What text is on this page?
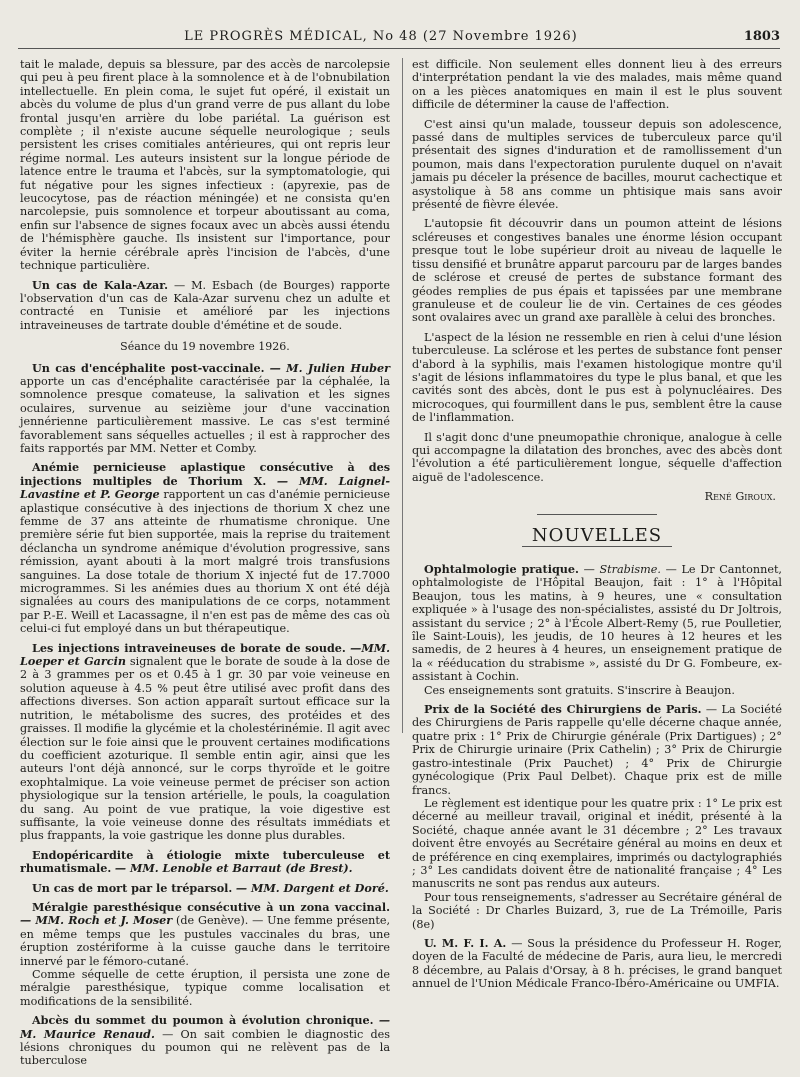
LE PROGRÈS MÉDICAL, No 48 (27 Novembre 1926)	1803

tait le malade, depuis sa blessure, par des accès de narcolepsie qui peu à peu firent place à la somnolence et à de l'obnubilation intellectuelle. En plein coma, le sujet fut opéré, il existait un abcès du volume de plus d'un grand verre de pus allant du lobe frontal jusqu'en arrière du lobe pariétal. La guérison est complète ; il n'existe aucune séquelle neurologique ; seuls persistent les crises comitiales antérieures, qui ont repris leur régime normal. Les auteurs insistent sur la longue période de latence entre le trauma et l'abcès, sur la symptomatologie, qui fut négative pour les signes infectieux : (apyrexie, pas de leucocytose, pas de réaction méningée) et ne consista qu'en narcolepsie, puis somnolence et torpeur aboutissant au coma, enfin sur l'absence de signes focaux avec un abcès aussi étendu de l'hémisphère gauche. Ils insistent sur l'importance, pour éviter la hernie cérébrale après l'incision de l'abcès, d'une technique particulière.

Un cas de Kala-Azar. — M. Esbach (de Bourges) rapporte l'observation d'un cas de Kala-Azar survenu chez un adulte et contracté en Tunisie et amélioré par les injections intraveineuses de tartrate double d'émétine et de soude.

Séance du 19 novembre 1926.

Un cas d'encéphalite post-vaccinale. — M. Julien Huber apporte un cas d'encéphalite caractérisée par la céphalée, la somnolence presque comateuse, la salivation et les signes oculaires, survenue au seizième jour d'une vaccination jennérienne particulièrement massive. Le cas s'est terminé favorablement sans séquelles actuelles ; il est à rapprocher des faits rapportés par MM. Netter et Comby.

Anémie pernicieuse aplastique consécutive à des injections multiples de Thorium X. — MM. Laignel-Lavastine et P. George rapportent un cas d'anémie pernicieuse aplastique consécutive à des injections de thorium X chez une femme de 37 ans atteinte de rhumatisme chronique. Une première série fut bien supportée, mais la reprise du traitement déclancha un syndrome anémique d'évolution progressive, sans rémission, ayant abouti à la mort malgré trois transfusions sanguines. La dose totale de thorium X injecté fut de 17.7000 microgrammes. Si les anémies dues au thorium X ont été déjà signalées au cours des manipulations de ce corps, notamment par P.-E. Weill et Lacassagne, il n'en est pas de même des cas où celui-ci fut employé dans un but thérapeutique.

Les injections intraveineuses de borate de soude. —MM. Loeper et Garcin signalent que le borate de soude à la dose de 2 à 3 grammes per os et 0.45 à 1 gr. 30 par voie veineuse en solution aqueuse à 4.5 % peut être utilisé avec profit dans des affections diverses. Son action apparaît surtout efficace sur la nutrition, le métabolisme des sucres, des protéides et des graisses. Il modifie la glycémie et la cholestérinémie. Il agit avec élection sur le foie ainsi que le prouvent certaines modifications du coefficient azoturique. Il semble entin agir, ainsi que les auteurs l'ont déjà annoncé, sur le corps thyroïde et le goitre exophtalmique. La voie veineuse permet de préciser son action physiologique sur la tension artérielle, le pouls, la coagulation du sang. Au point de vue pratique, la voie digestive est suffisante, la voie veineuse donne des résultats immédiats et plus frappants, la voie gastrique les donne plus durables.

Endopéricardite à étiologie mixte tuberculeuse et rhumatismale. — MM. Lenoble et Barraut (de Brest).

Un cas de mort par le tréparsol. — MM. Dargent et Doré.

Méralgie paresthésique consécutive à un zona vaccinal. — MM. Roch et J. Moser (de Genève). — Une femme présente, en même temps que les pustules vaccinales du bras, une éruption zostériforme à la cuisse gauche dans le territoire innervé par le fémoro-cutané.

Comme séquelle de cette éruption, il persista une zone de méralgie paresthésique, typique comme localisation et modifications de la sensibilité.

Abcès du sommet du poumon à évolution chronique. — M. Maurice Renaud. — On sait combien le diagnostic des lésions chroniques du poumon qui ne relèvent pas de la tuberculose

est difficile. Non seulement elles donnent lieu à des erreurs d'interprétation pendant la vie des malades, mais même quand on a les pièces anatomiques en main il est le plus souvent difficile de déterminer la cause de l'affection.

C'est ainsi qu'un malade, tousseur depuis son adolescence, passé dans de multiples services de tuberculeux parce qu'il présentait des signes d'induration et de ramollissement d'un poumon, mais dans l'expectoration purulente duquel on n'avait jamais pu déceler la présence de bacilles, mourut cachectique et asystolique à 58 ans comme un phtisique mais sans avoir présenté de fièvre élevée.

L'autopsie fit découvrir dans un poumon atteint de lésions scléreuses et congestives banales une énorme lésion occupant presque tout le lobe supérieur droit au niveau de laquelle le tissu densifié et brunâtre apparut parcouru par de larges bandes de sclérose et creusé de pertes de substance formant des géodes remplies de pus épais et tapissées par une membrane granuleuse et de couleur lie de vin. Certaines de ces géodes sont ovalaires avec un grand axe parallèle à celui des bronches.

L'aspect de la lésion ne ressemble en rien à celui d'une lésion tuberculeuse. La sclérose et les pertes de substance font penser d'abord à la syphilis, mais l'examen histologique montre qu'il s'agit de lésions inflammatoires du type le plus banal, et que les cavités sont des abcès, dont le pus est à polynucléaires. Des microcoques, qui fourmillent dans le pus, semblent être la cause de l'inflammation.

Il s'agit donc d'une pneumopathie chronique, analogue à celle qui accompagne la dilatation des bronches, avec des abcès dont l'évolution a été particulièrement longue, séquelle d'affection aiguë de l'adolescence.

René Giroux.
NOUVELLES

Ophtalmologie pratique. — Strabisme. — Le Dr Cantonnet, ophtalmologiste de l'Hôpital Beaujon, fait : 1° à l'Hôpital Beaujon, tous les matins, à 9 heures, une « consultation expliquée » à l'usage des non-spécialistes, assisté du Dr Joltrois, assistant du service ; 2° à l'École Albert-Remy (5, rue Poulletier, île Saint-Louis), les jeudis, de 10 heures à 12 heures et les samedis, de 2 heures à 4 heures, un enseignement pratique de la « rééducation du strabisme », assisté du Dr G. Fombeure, ex-assistant à Cochin.

Ces enseignements sont gratuits. S'inscrire à Beaujon.

Prix de la Société des Chirurgiens de Paris. — La Société des Chirurgiens de Paris rappelle qu'elle décerne chaque année, quatre prix : 1° Prix de Chirurgie générale (Prix Dartigues) ; 2° Prix de Chirurgie urinaire (Prix Cathelin) ; 3° Prix de Chirurgie gastro-intestinale (Prix Pauchet) ; 4° Prix de Chirurgie gynécologique (Prix Paul Delbet). Chaque prix est de mille francs.

Le règlement est identique pour les quatre prix : 1° Le prix est décerné au meilleur travail, original et inédit, présenté à la Société, chaque année avant le 31 décembre ; 2° Les travaux doivent être envoyés au Secrétaire général au moins en deux et de préférence en cinq exemplaires, imprimés ou dactylographiés ; 3° Les candidats doivent être de nationalité française ; 4° Les manuscrits ne sont pas rendus aux auteurs.

Pour tous renseignements, s'adresser au Secrétaire général de la Société : Dr Charles Buizard, 3, rue de La Trémoille, Paris (8e)

U. M. F. I. A. — Sous la présidence du Professeur H. Roger, doyen de la Faculté de médecine de Paris, aura lieu, le mercredi 8 décembre, au Palais d'Orsay, à 8 h. précises, le grand banquet annuel de l'Union Médicale Franco-Ibéro-Américaine ou UMFIA.
